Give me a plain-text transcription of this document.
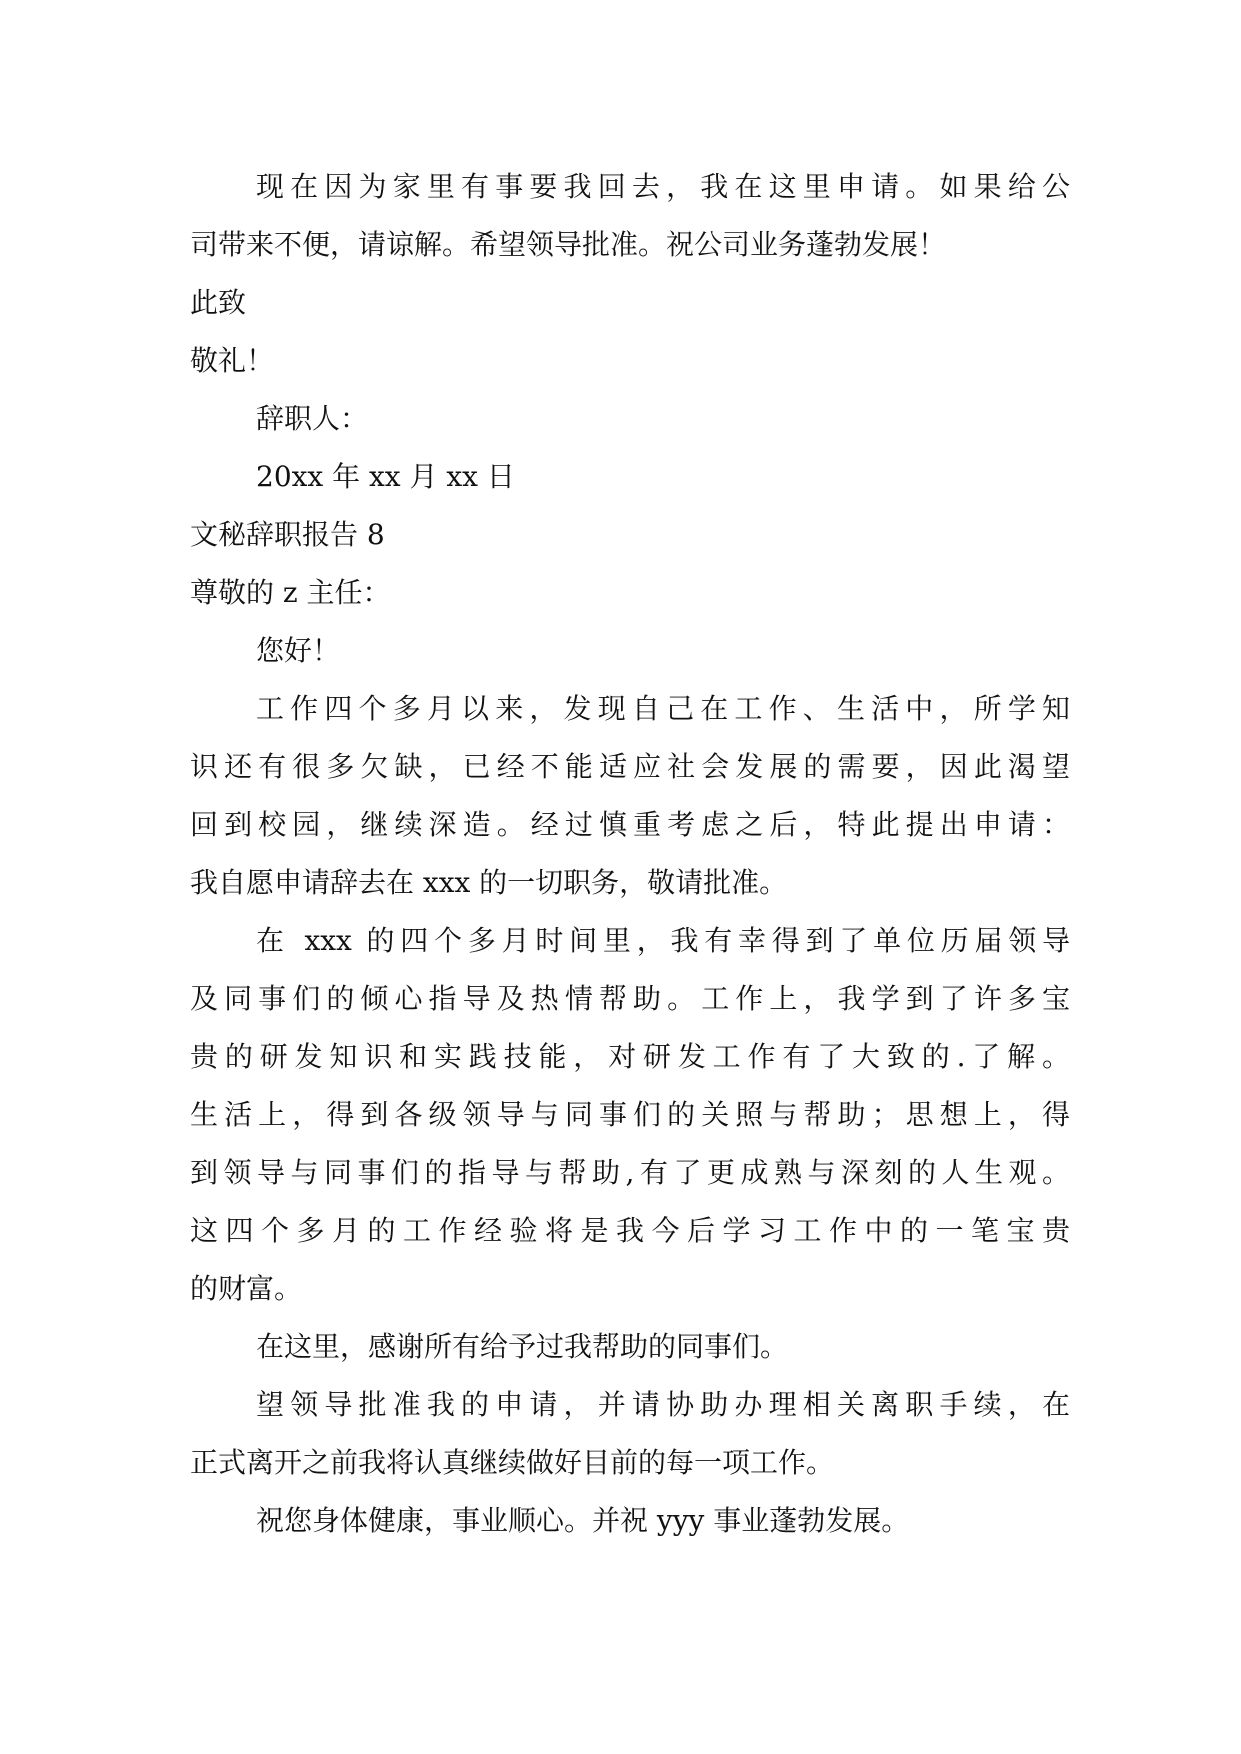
现在因为家里有事要我回去，我在这里申请。如果给公
司带来不便，请谅解。希望领导批准。祝公司业务蓬勃发展！
此致
敬礼！
辞职人：
20xx 年 xx 月 xx 日
文秘辞职报告 8
尊敬的 z 主任：
您好！
工作四个多月以来，发现自己在工作、生活中，所学知
识还有很多欠缺，已经不能适应社会发展的需要，因此渴望
回到校园，继续深造。经过慎重考虑之后，特此提出申请：
我自愿申请辞去在 xxx 的一切职务，敬请批准。
在 xxx 的四个多月时间里，我有幸得到了单位历届领导
及同事们的倾心指导及热情帮助。工作上，我学到了许多宝
贵的研发知识和实践技能，对研发工作有了大致的.了解。
生活上，得到各级领导与同事们的关照与帮助；思想上，得
到领导与同事们的指导与帮助,有了更成熟与深刻的人生观。
这四个多月的工作经验将是我今后学习工作中的一笔宝贵
的财富。
在这里，感谢所有给予过我帮助的同事们。
望领导批准我的申请，并请协助办理相关离职手续，在
正式离开之前我将认真继续做好目前的每一项工作。
祝您身体健康，事业顺心。并祝 yyy 事业蓬勃发展。
